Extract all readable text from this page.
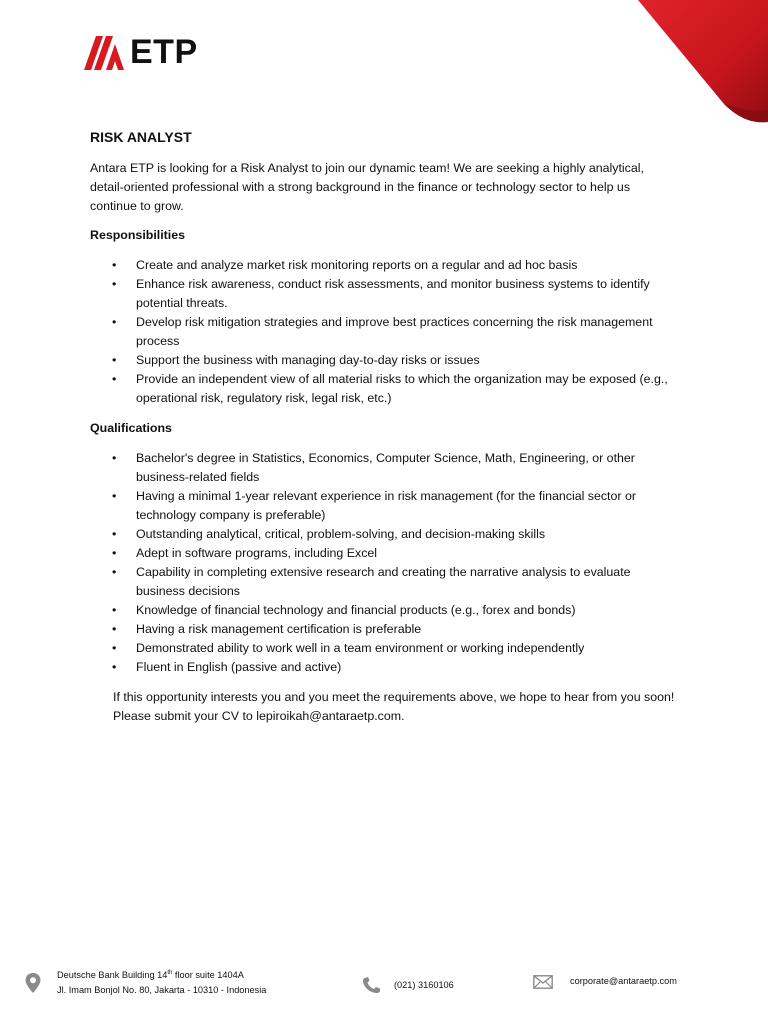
ETP
RISK ANALYST
Antara ETP is looking for a Risk Analyst to join our dynamic team! We are seeking a highly analytical, detail-oriented professional with a strong background in the finance or technology sector to help us continue to grow.
Responsibilities
• Create and analyze market risk monitoring reports on a regular and ad hoc basis
• Enhance risk awareness, conduct risk assessments, and monitor business systems to identify potential threats.
• Develop risk mitigation strategies and improve best practices concerning the risk management process
• Support the business with managing day-to-day risks or issues
• Provide an independent view of all material risks to which the organization may be exposed (e.g., operational risk, regulatory risk, legal risk, etc.)
Qualifications
• Bachelor's degree in Statistics, Economics, Computer Science, Math, Engineering, or other business-related fields
• Having a minimal 1-year relevant experience in risk management (for the financial sector or technology company is preferable)
• Outstanding analytical, critical, problem-solving, and decision-making skills
• Adept in software programs, including Excel
• Capability in completing extensive research and creating the narrative analysis to evaluate business decisions
• Knowledge of financial technology and financial products (e.g., forex and bonds)
• Having a risk management certification is preferable
• Demonstrated ability to work well in a team environment or working independently
• Fluent in English (passive and active)
If this opportunity interests you and you meet the requirements above, we hope to hear from you soon! Please submit your CV to lepiroikah@antaraetp.com.
Deutsche Bank Building 14th floor suite 1404A
Jl. Imam Bonjol No. 80, Jakarta - 10310 - Indonesia
(021) 3160106	corporate@antaraetp.com
